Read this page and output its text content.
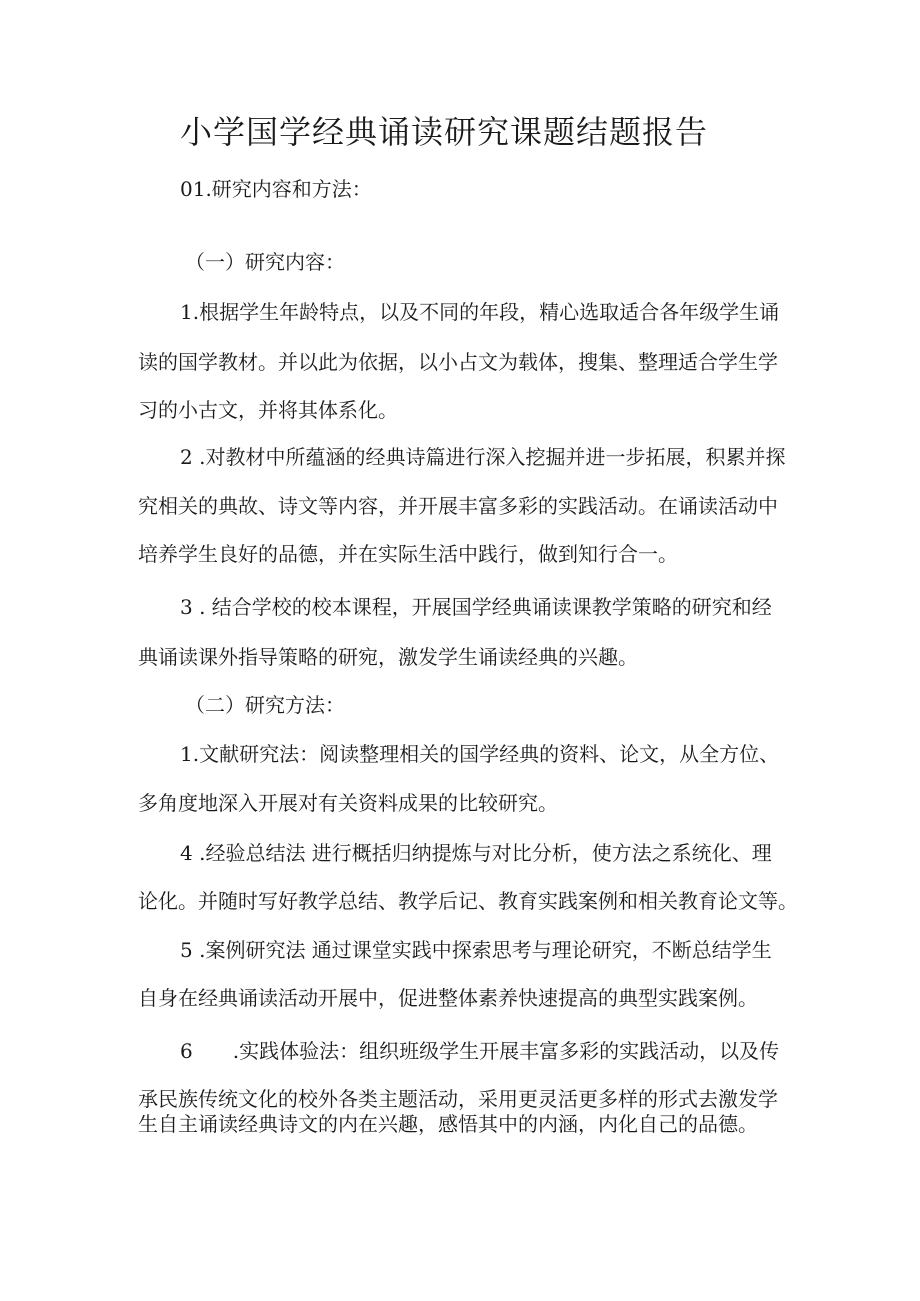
小学国学经典诵读研究课题结题报告
01.研究内容和方法：
（一）研究内容：
1.根据学生年龄特点，以及不同的年段，精心选取适合各年级学生诵
读的国学教材。并以此为依据，以小占文为载体，搜集、整理适合学生学
习的小古文，并将其体系化。
2 .对教材中所蕴涵的经典诗篇进行深入挖掘并进一步拓展，积累并探
究相关的典故、诗文等内容，并开展丰富多彩的实践活动。在诵读活动中
培养学生良好的品德，并在实际生活中践行，做到知行合一。
3 . 结合学校的校本课程，开展国学经典诵读课教学策略的研究和经
典诵读课外指导策略的研宛，激发学生诵读经典的兴趣。
（二）研究方法：
1.文献研究法：阅读整理相关的国学经典的资料、论文，从全方位、
多角度地深入开展对有关资料成果的比较研究。
4 .经验总结法 进行概括归纳提炼与对比分析，使方法之系统化、理
论化。并随时写好教学总结、教学后记、教育实践案例和相关教育论文等。
5 .案例研究法 通过课堂实践中探索思考与理论研究，不断总结学生
自身在经典诵读活动开展中，促进整体素养快速提高的典型实践案例。
6　　.实践体验法：组织班级学生开展丰富多彩的实践活动，以及传
承民族传统文化的校外各类主题活动，采用更灵活更多样的形式去激发学
生自主诵读经典诗文的内在兴趣，感悟其中的内涵，内化自己的品德。
